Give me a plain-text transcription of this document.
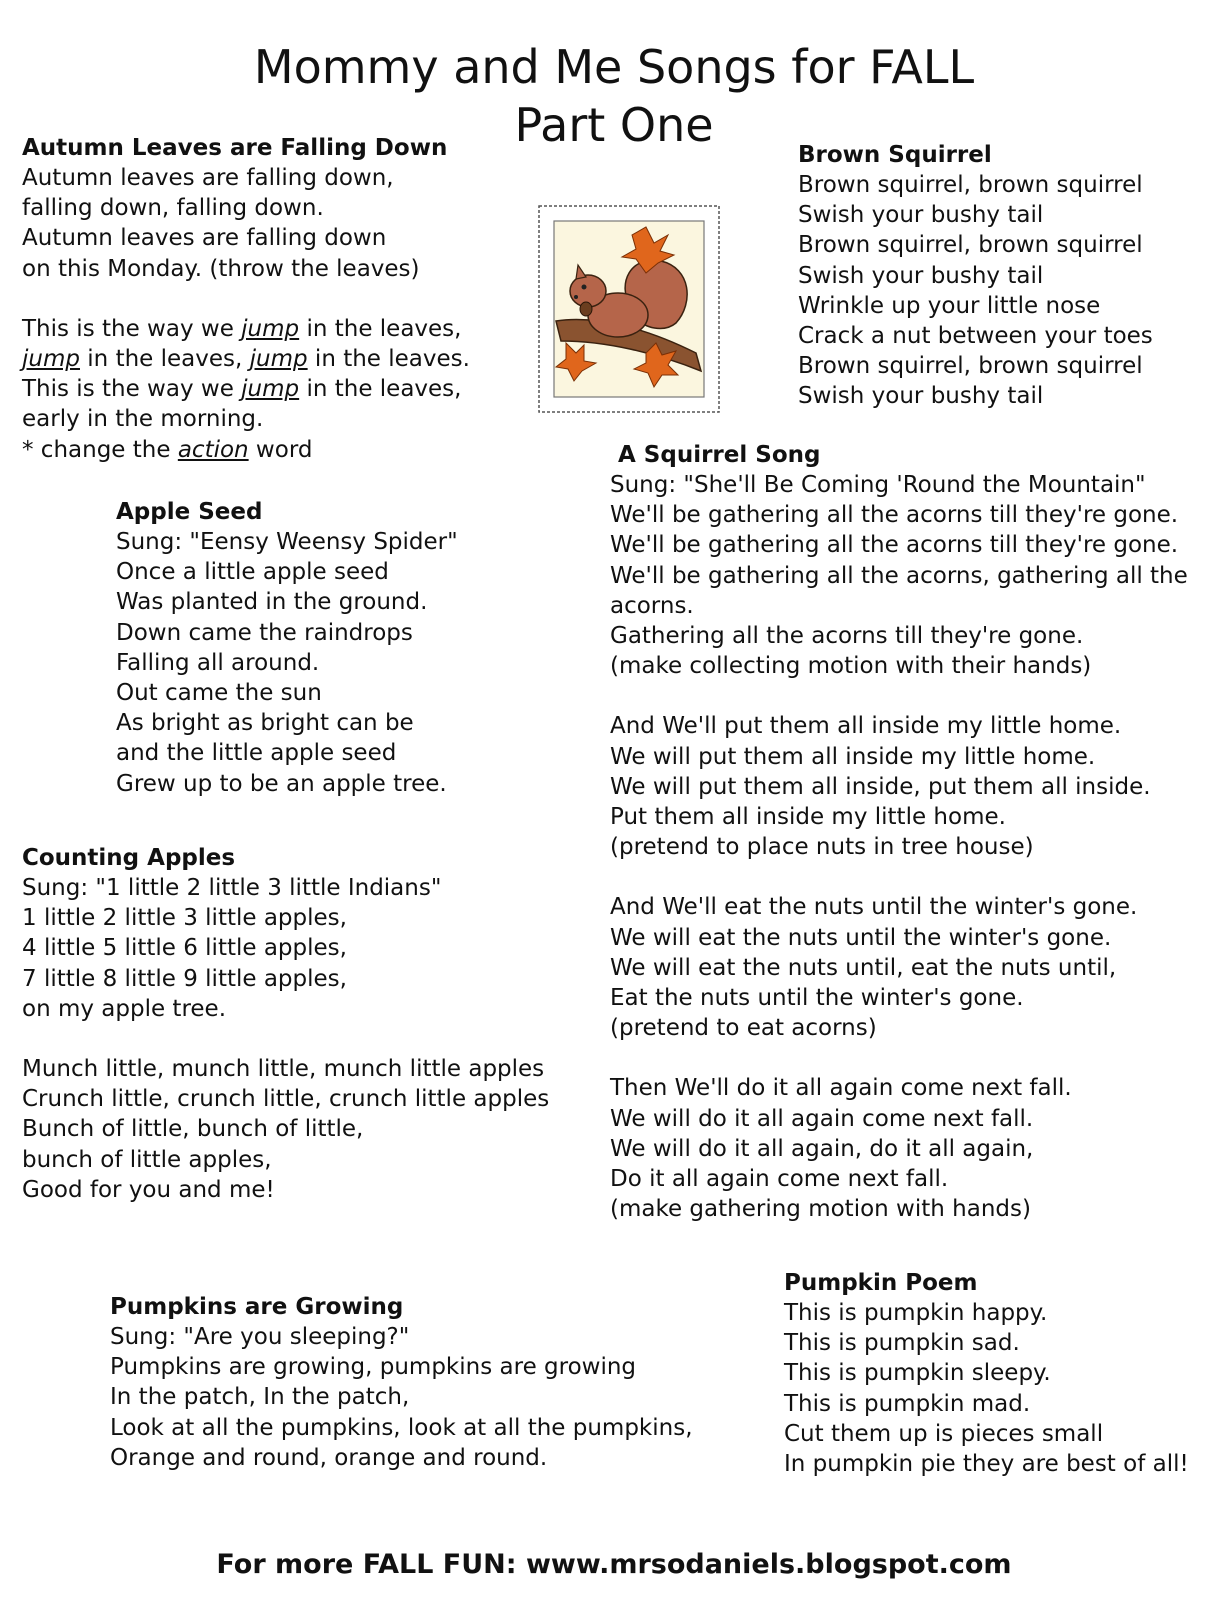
Mommy and Me Songs for FALL
Part One
Autumn Leaves are Falling Down
Autumn leaves are falling down,
falling down, falling down.
Autumn leaves are falling down
on this Monday. (throw the leaves)
This is the way we jump in the leaves,
jump in the leaves, jump in the leaves.
This is the way we jump in the leaves,
early in the morning.
* change the action word
Apple Seed
Sung: "Eensy Weensy Spider"
Once a little apple seed
Was planted in the ground.
Down came the raindrops
Falling all around.
Out came the sun
As bright as bright can be
and the little apple seed
Grew up to be an apple tree.
Counting Apples
Sung: "1 little 2 little 3 little Indians"
1 little 2 little 3 little apples,
4 little 5 little 6 little apples,
7 little 8 little 9 little apples,
on my apple tree.
Munch little, munch little, munch little apples
Crunch little, crunch little, crunch little apples
Bunch of little, bunch of little,
bunch of little apples,
Good for you and me!
Pumpkins are Growing
Sung: "Are you sleeping?"
Pumpkins are growing, pumpkins are growing
In the patch, In the patch,
Look at all the pumpkins, look at all the pumpkins,
Orange and round, orange and round.
Brown Squirrel
Brown squirrel, brown squirrel
Swish your bushy tail
Brown squirrel, brown squirrel
Swish your bushy tail
Wrinkle up your little nose
Crack a nut between your toes
Brown squirrel, brown squirrel
Swish your bushy tail
A Squirrel Song
Sung: "She'll Be Coming 'Round the Mountain"
We'll be gathering all the acorns till they're gone.
We'll be gathering all the acorns till they're gone.
We'll be gathering all the acorns, gathering all the
acorns.
Gathering all the acorns till they're gone.
(make collecting motion with their hands)
And We'll put them all inside my little home.
We will put them all inside my little home.
We will put them all inside, put them all inside.
Put them all inside my little home.
(pretend to place nuts in tree house)
And We'll eat the nuts until the winter's gone.
We will eat the nuts until the winter's gone.
We will eat the nuts until, eat the nuts until,
Eat the nuts until the winter's gone.
(pretend to eat acorns)
Then We'll do it all again come next fall.
We will do it all again come next fall.
We will do it all again, do it all again,
Do it all again come next fall.
(make gathering motion with hands)
Pumpkin Poem
This is pumpkin happy.
This is pumpkin sad.
This is pumpkin sleepy.
This is pumpkin mad.
Cut them up is pieces small
In pumpkin pie they are best of all!
For more FALL FUN: www.mrsodaniels.blogspot.com
